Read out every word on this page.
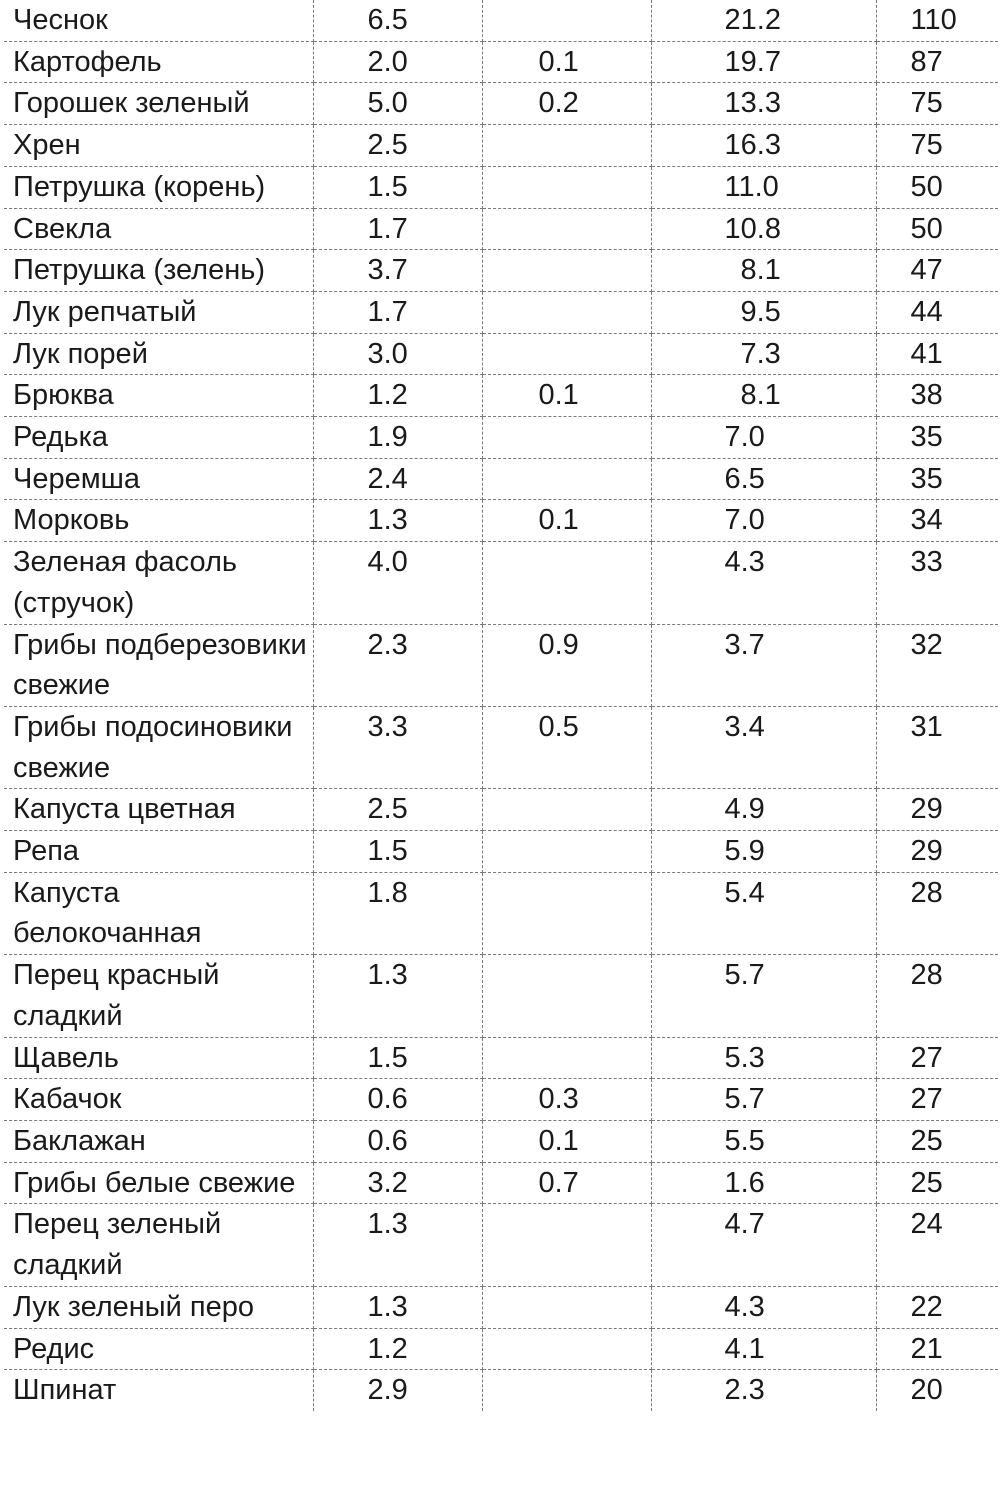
Чеснок	6.5		21.2	110
Картофель	2.0	0.1	19.7	87
Горошек зеленый	5.0	0.2	13.3	75
Хрен	2.5		16.3	75
Петрушка (корень)	1.5		11.0	50
Свекла	1.7		10.8	50
Петрушка (зелень)	3.7		8.1	47
Лук репчатый	1.7		9.5	44
Лук порей	3.0		7.3	41
Брюква	1.2	0.1	8.1	38
Редька	1.9		7.0	35
Черемша	2.4		6.5	35
Морковь	1.3	0.1	7.0	34
Зеленая фасоль (стручок)	4.0		4.3	33
Грибы подберезовики свежие	2.3	0.9	3.7	32
Грибы подосиновики свежие	3.3	0.5	3.4	31
Капуста цветная	2.5		4.9	29
Репа	1.5		5.9	29
Капуста белокочанная	1.8		5.4	28
Перец красный сладкий	1.3		5.7	28
Щавель	1.5		5.3	27
Кабачок	0.6	0.3	5.7	27
Баклажан	0.6	0.1	5.5	25
Грибы белые свежие	3.2	0.7	1.6	25
Перец зеленый сладкий	1.3		4.7	24
Лук зеленый перо	1.3		4.3	22
Редис	1.2		4.1	21
Шпинат	2.9		2.3	20
